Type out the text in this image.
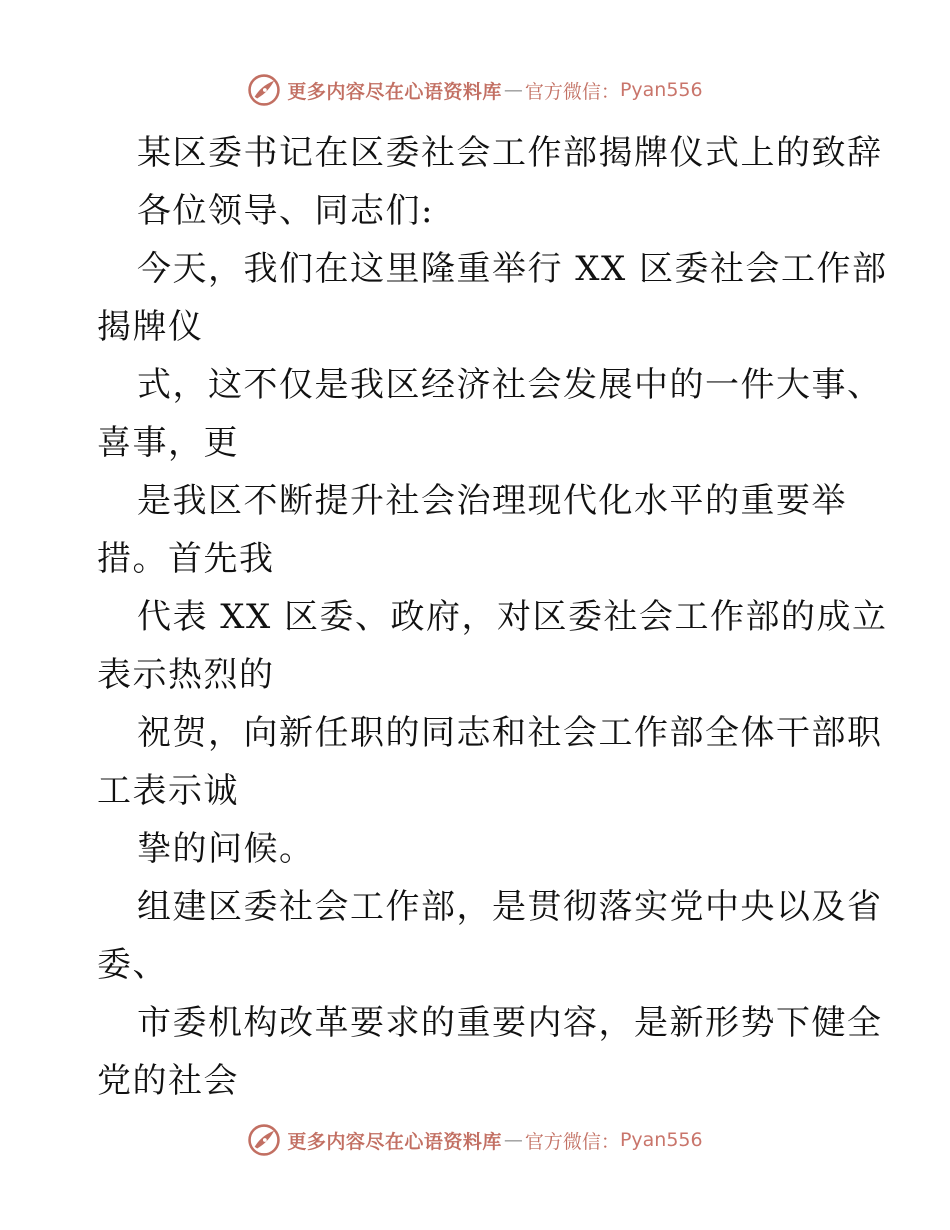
更多内容尽在心语资料库 — 官方微信： Pyan556

某区委书记在区委社会工作部揭牌仪式上的致辞

各位领导、同志们:

今天，我们在这里隆重举行 XX 区委社会工作部

揭牌仪

式，这不仅是我区经济社会发展中的一件大事、

喜事，更

是我区不断提升社会治理现代化水平的重要举

措。首先我

代表 XX 区委、政府，对区委社会工作部的成立

表示热烈的

祝贺，向新任职的同志和社会工作部全体干部职

工表示诚

挚的问候。

组建区委社会工作部，是贯彻落实党中央以及省

委、

市委机构改革要求的重要内容，是新形势下健全

党的社会

更多内容尽在心语资料库 — 官方微信： Pyan556
